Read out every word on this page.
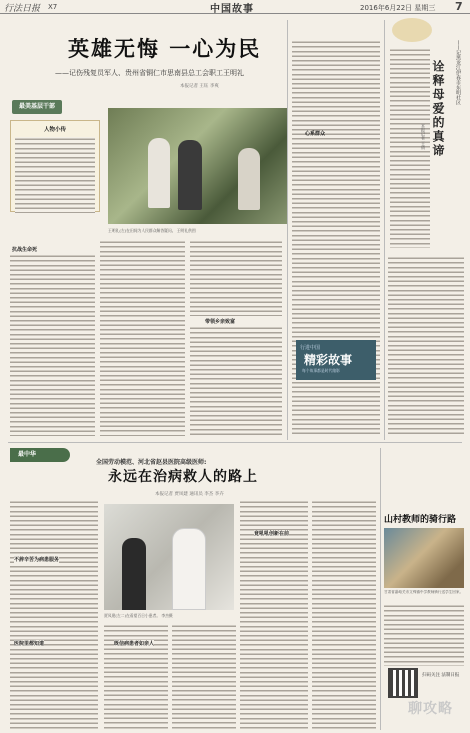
行法日报 X7	中国故事	2016年6月22日 星期三 7
英雄无悔 一心为民
——记伤残复员军人、贵州省铜仁市思南县总工会职工王明礼
本报记者 王钰 李爽
最美基层干部
人物小传
王明礼(左)在田间为人民群众解答疑问。 王明礼供图
抗战生命死
带领乡亲致富
心系群众
行进中国
精彩故事
每个故事都是时代缩影
诠释母爱的真谛	——记黑龙江伊春市东明社区
本报记者 王倩
最中华
全国劳动模范、河北省赵县医院高级医师:
永远在治病救人的路上
本报记者 贾凤建 通讯员 李杰 李卉
不辞辛苦为病患服务
医院里都知道
贾凤建(左二)在看望百日小患者。 李杰摄
既信病患者如亲人
竟吼吼创新在前
山村教师的骑行路
甘肃省嘉峪关市文殊镇中学教师骑行送学生回家。
扫码关注 法制日报
聊攻略
